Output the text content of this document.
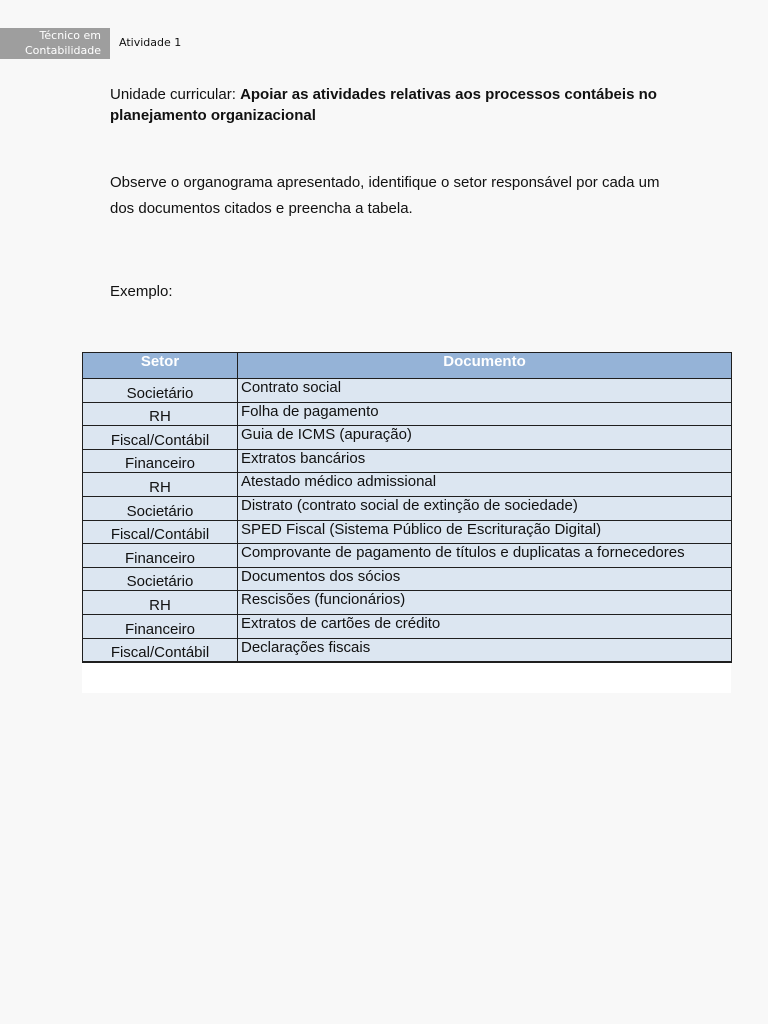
Técnico em
Contabilidade
Atividade 1
Unidade curricular: Apoiar as atividades relativas aos processos contábeis no planejamento organizacional
Observe o organograma apresentado, identifique o setor responsável por cada um dos documentos citados e preencha a tabela.
Exemplo:
Setor	Documento
Societário	Contrato social
RH	Folha de pagamento
Fiscal/Contábil	Guia de ICMS (apuração)
Financeiro	Extratos bancários
RH	Atestado médico admissional
Societário	Distrato (contrato social de extinção de sociedade)
Fiscal/Contábil	SPED Fiscal (Sistema Público de Escrituração Digital)
Financeiro	Comprovante de pagamento de títulos e duplicatas a fornecedores
Societário	Documentos dos sócios
RH	Rescisões (funcionários)
Financeiro	Extratos de cartões de crédito
Fiscal/Contábil	Declarações fiscais
